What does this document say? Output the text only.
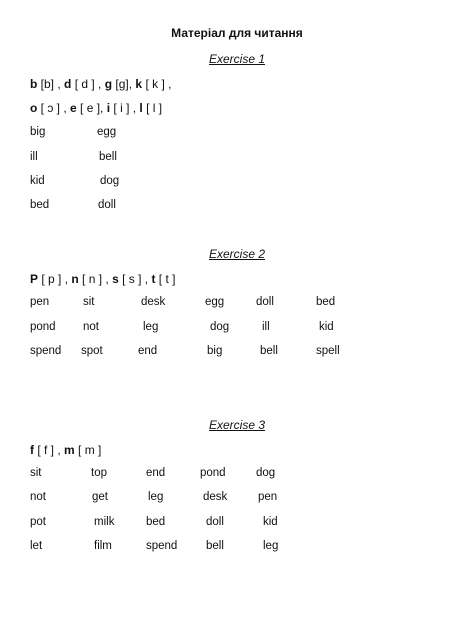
Матеріал для читання
Exercise 1
b [b] , d [ d ] , g [g], k [ k ] ,
o [ ɔ ] , e [ e ], i [ i ] , l [ l ]
big	egg
ill	bell
kid	dog
bed	doll
Exercise 2
P [ p ] , n [ n ] , s [ s ] , t [ t ]
pen	sit	desk	egg	doll	bed
pond not	leg	dog	ill	kid
spend spot	end	big	bell	spell
Exercise 3
f [ f ] , m [ m ]
sit	top	end	pond	dog
not	get	leg	desk	pen
pot	milk	bed	doll	kid
let	film	spend bell	leg
